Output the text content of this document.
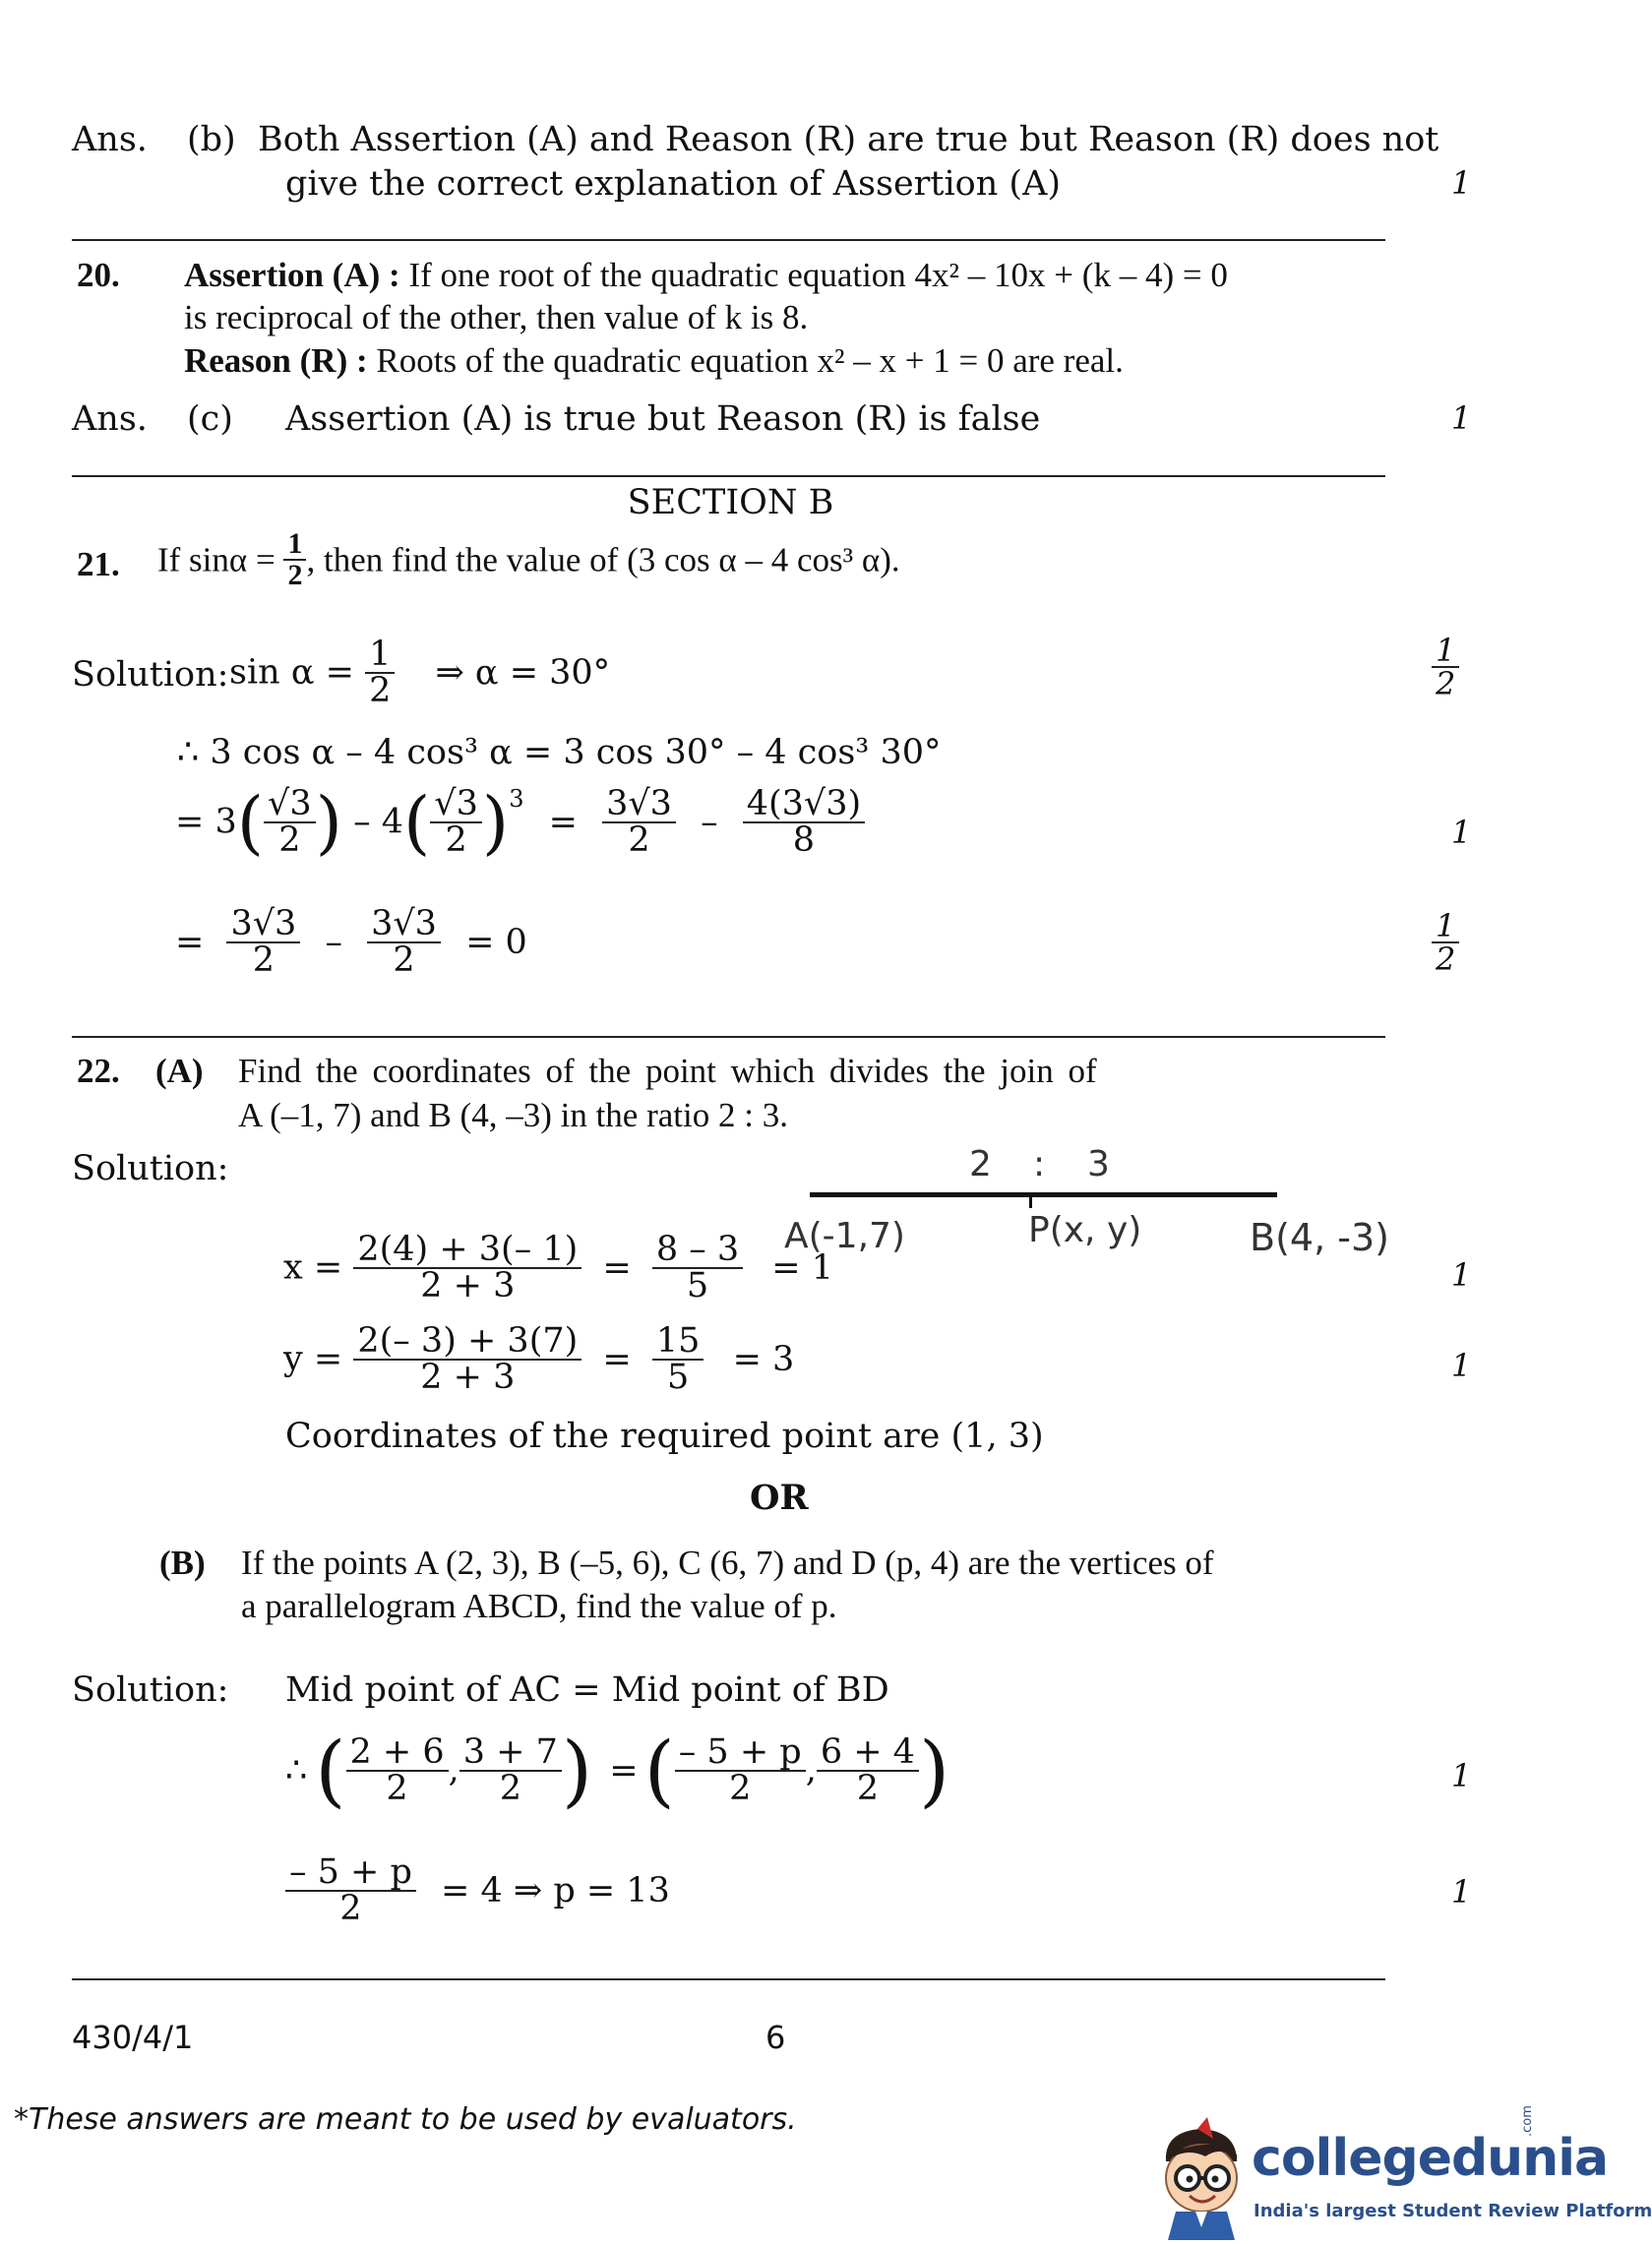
Ans. (b) Both Assertion (A) and Reason (R) are true but Reason (R) does not
give the correct explanation of Assertion (A)	1
20. Assertion (A) : If one root of the quadratic equation 4x² – 10x + (k – 4) = 0
is reciprocal of the other, then value of k is 8.
Reason (R) : Roots of the quadratic equation x² – x + 1 = 0 are real.
Ans. (c) Assertion (A) is true but Reason (R) is false	1
SECTION B
21. If $\sin\alpha = \frac{1}{2}$ , then find the value of (3 cos α – 4 cos³ α).
Solution: $\sin \alpha = \frac{1}{2}$ ⇒ α = 30°	$\frac{1}{2}$
∴ 3 cos α – 4 cos³ α = 3 cos 30° – 4 cos³ 30°
= $3( \frac{√3}{2}$ ) – $4( \frac{√3}{2} )^3 = \frac{3√3}{2} - \frac{4(3√3)}{8}$	1
= $\frac{3√3}{2} - \frac{3√3}{2} = 0$	$\frac{1}{2}$
22. (A) Find the coordinates of the point which divides the join of
A (–1, 7) and B (4, –3) in the ratio 2 : 3.
Solution:	2 : 3
A(-1,7)	P(x, y)	B(4, -3)
$x = \frac{2(4) + 3(- 1)}{2 + 3} = \frac{8 - 3}{5} = 1$	1
$y = \frac{2(- 3) + 3(7)}{2 + 3} = \frac{15}{5} = 3$	1
Coordinates of the required point are (1, 3)
OR
(B) If the points A (2, 3), B (–5, 6), C (6, 7) and D (p, 4) are the vertices of
a parallelogram ABCD, find the value of p.
Solution: Mid point of AC = Mid point of BD
∴ ( $\frac{2 + 6}{2}$ , $\frac{3 + 7}{2}$ ) =( $\frac{- 5 + p}{2}$ , $\frac{6 + 4}{2}$ )	1
$\frac{- 5 + p}{2} = 4$ ⇒ p = 13	1
430/4/1	6
*These answers are meant to be used by evaluators.
collegedunia
.com
India's largest Student Review Platform
